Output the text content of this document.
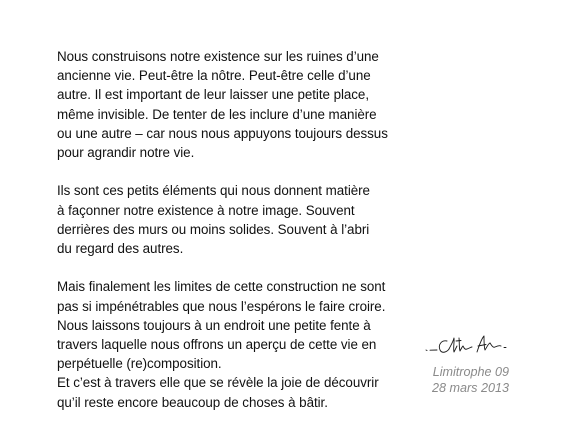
Nous construisons notre existence sur les ruines d’une
ancienne vie. Peut-être la nôtre. Peut-être celle d’une
autre. Il est important de leur laisser une petite place,
même invisible. De tenter de les inclure d’une manière
ou une autre – car nous nous appuyons toujours dessus
pour agrandir notre vie.

Ils sont ces petits éléments qui nous donnent matière
à façonner notre existence à notre image. Souvent
derrières des murs ou moins solides. Souvent à l’abri
du regard des autres.

Mais finalement les limites de cette construction ne sont
pas si impénétrables que nous l’espérons le faire croire.
Nous laissons toujours à un endroit une petite fente à
travers laquelle nous offrons un aperçu de cette vie en
perpétuelle (re)composition.
Et c’est à travers elle que se révèle la joie de découvrir
qu’il reste encore beaucoup de choses à bâtir.

Limitrophe 09
28 mars 2013
